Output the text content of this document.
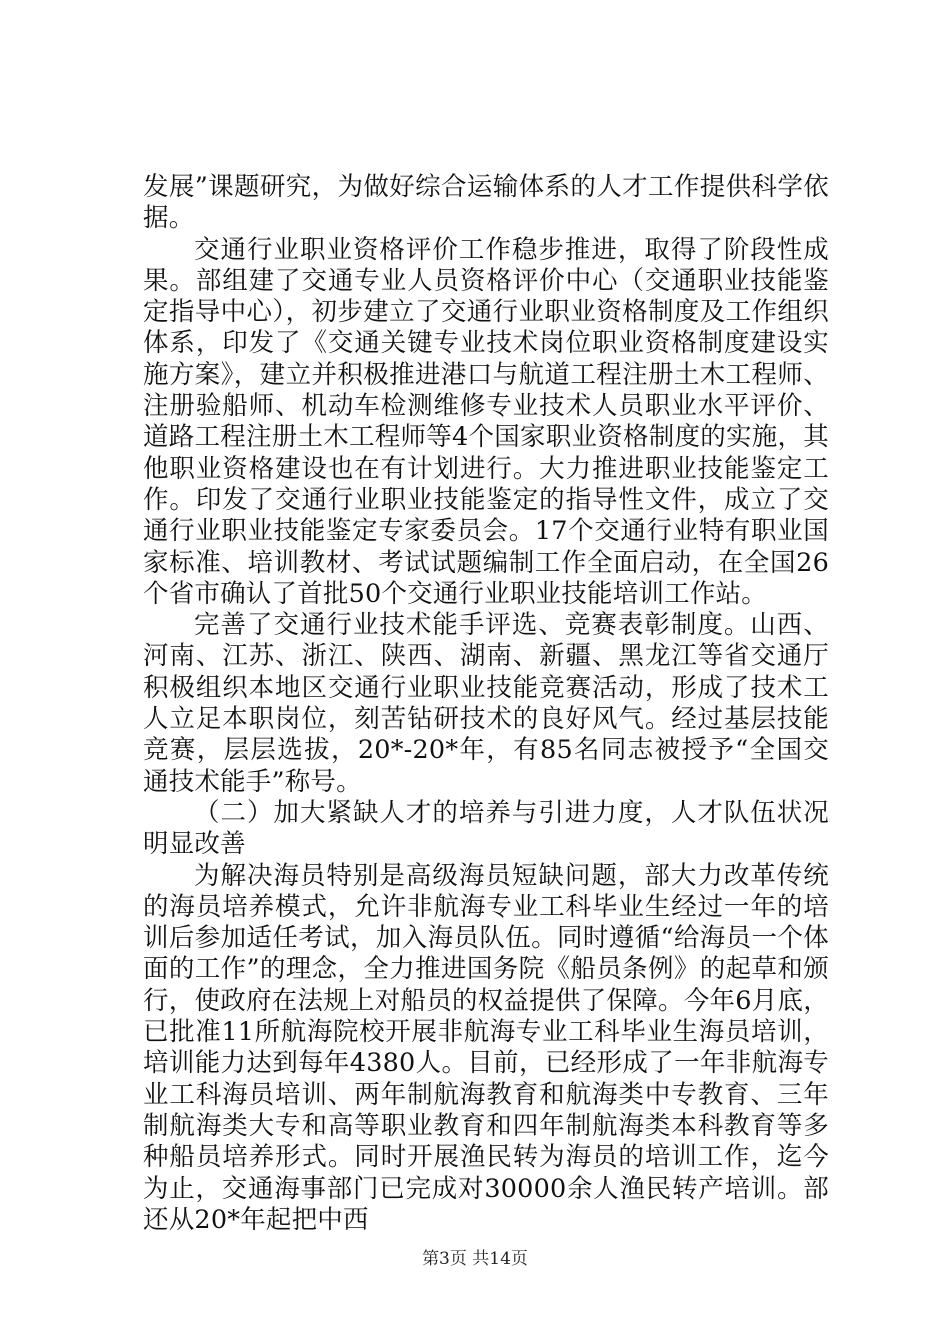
发展”课题研究，为做好综合运输体系的人才工作提供科学依据。

交通行业职业资格评价工作稳步推进，取得了阶段性成果。部组建了交通专业人员资格评价中心（交通职业技能鉴定指导中心），初步建立了交通行业职业资格制度及工作组织体系，印发了《交通关键专业技术岗位职业资格制度建设实施方案》，建立并积极推进港口与航道工程注册土木工程师、注册验船师、机动车检测维修专业技术人员职业水平评价、道路工程注册土木工程师等4个国家职业资格制度的实施，其他职业资格建设也在有计划进行。大力推进职业技能鉴定工作。印发了交通行业职业技能鉴定的指导性文件，成立了交通行业职业技能鉴定专家委员会。17个交通行业特有职业国家标准、培训教材、考试试题编制工作全面启动，在全国26个省市确认了首批50个交通行业职业技能培训工作站。

完善了交通行业技术能手评选、竞赛表彰制度。山西、河南、江苏、浙江、陕西、湖南、新疆、黑龙江等省交通厅积极组织本地区交通行业职业技能竞赛活动，形成了技术工人立足本职岗位，刻苦钻研技术的良好风气。经过基层技能竞赛，层层选拔，20*-20*年，有85名同志被授予“全国交通技术能手”称号。

（二）加大紧缺人才的培养与引进力度，人才队伍状况明显改善

为解决海员特别是高级海员短缺问题，部大力改革传统的海员培养模式，允许非航海专业工科毕业生经过一年的培训后参加适任考试，加入海员队伍。同时遵循“给海员一个体面的工作”的理念，全力推进国务院《船员条例》的起草和颁行，使政府在法规上对船员的权益提供了保障。今年6月底，已批准11所航海院校开展非航海专业工科毕业生海员培训，培训能力达到每年4380人。目前，已经形成了一年非航海专业工科海员培训、两年制航海教育和航海类中专教育、三年制航海类大专和高等职业教育和四年制航海类本科教育等多种船员培养形式。同时开展渔民转为海员的培训工作，迄今为止，交通海事部门已完成对30000余人渔民转产培训。部还从20*年起把中西

第3页 共14页
